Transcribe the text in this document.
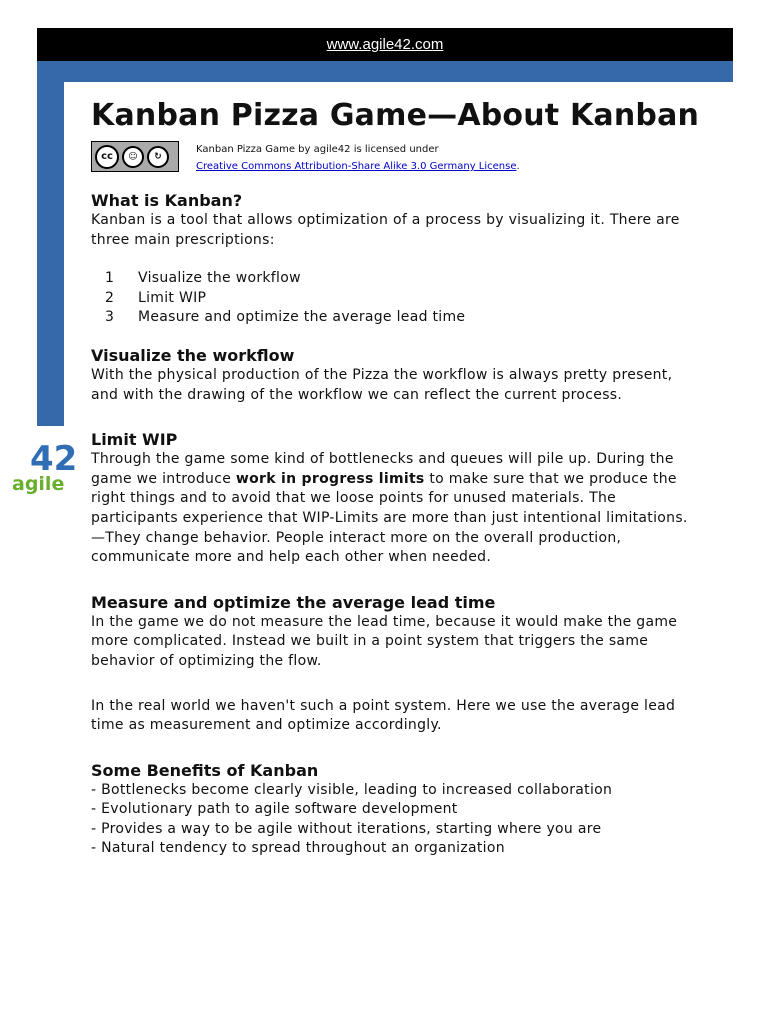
www.agile42.com
42
agile
Kanban Pizza Game—About Kanban
cc	☺	↻
Kanban Pizza Game by agile42 is licensed under
Creative Commons Attribution-Share Alike 3.0 Germany License.
What is Kanban?

Kanban is a tool that allows optimization of a process by visualizing it. There are three main prescriptions:

1	Visualize the workflow
2	Limit WIP
3	Measure and optimize the average lead time
Visualize the workflow

With the physical production of the Pizza the workflow is always pretty present, and with the drawing of the workflow we can reflect the current process.

Limit WIP

Through the game some kind of bottlenecks and queues will pile up. During the game we introduce work in progress limits to make sure that we produce the right things and to avoid that we loose points for unused materials. The participants experience that WIP-Limits are more than just intentional limitations. —They change behavior. People interact more on the overall production, communicate more and help each other when needed.

Measure and optimize the average lead time

In the game we do not measure the lead time, because it would make the game more complicated. Instead we built in a point system that triggers the same behavior of optimizing the flow.

In the real world we haven't such a point system. Here we use the average lead time as measurement and optimize accordingly.

Some Benefits of Kanban
- Bottlenecks become clearly visible, leading to increased collaboration
- Evolutionary path to agile software development
- Provides a way to be agile without iterations, starting where you are
- Natural tendency to spread throughout an organization
